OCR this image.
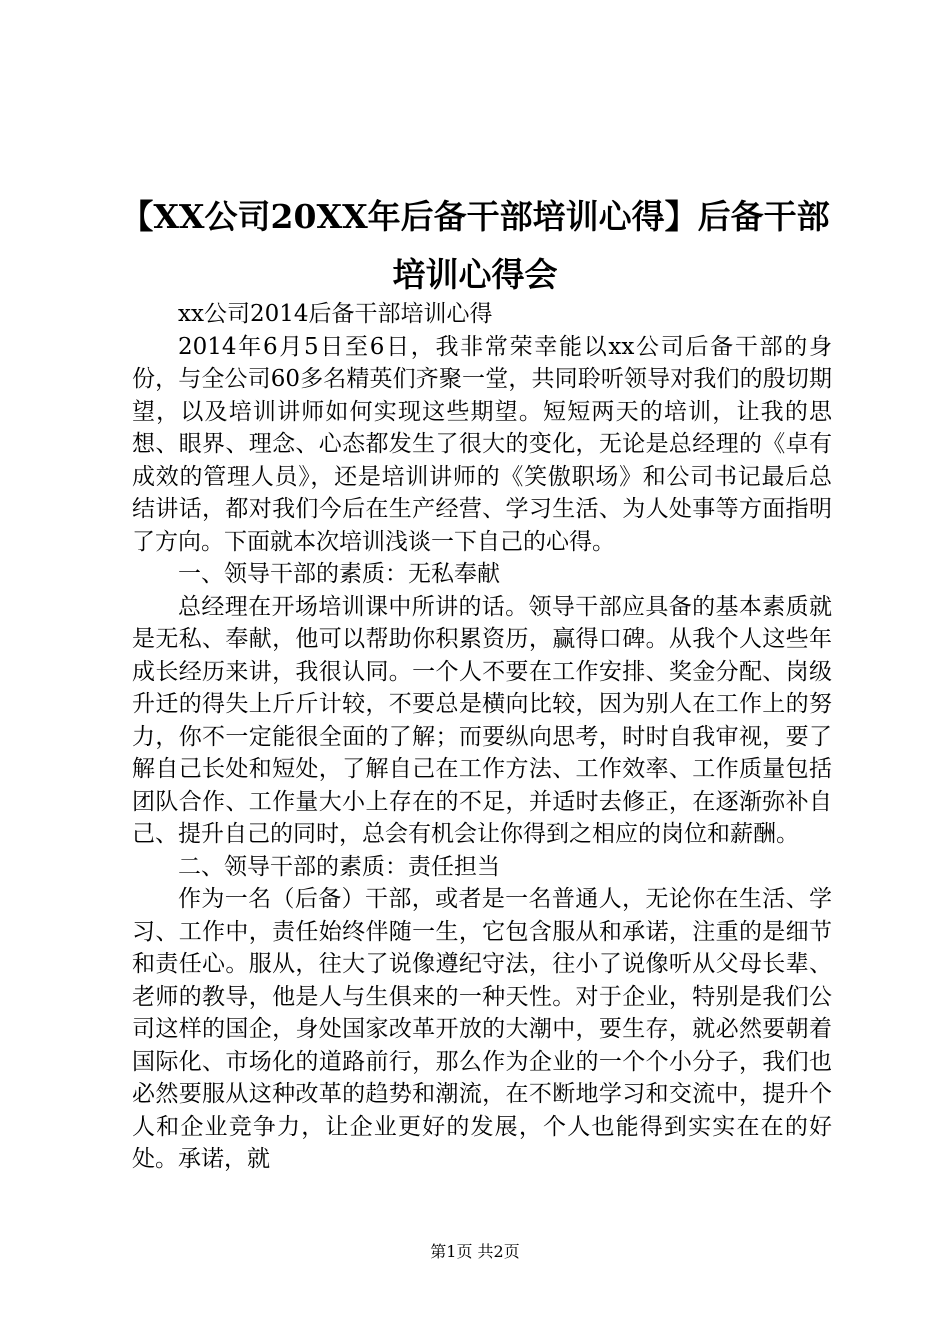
【XX公司20XX年后备干部培训心得】后备干部培训心得会

xx公司2014后备干部培训心得

2014年6月5日至6日，我非常荣幸能以xx公司后备干部的身份，与全公司60多名精英们齐聚一堂，共同聆听领导对我们的殷切期望，以及培训讲师如何实现这些期望。短短两天的培训，让我的思想、眼界、理念、心态都发生了很大的变化，无论是总经理的《卓有成效的管理人员》，还是培训讲师的《笑傲职场》和公司书记最后总结讲话，都对我们今后在生产经营、学习生活、为人处事等方面指明了方向。下面就本次培训浅谈一下自己的心得。

一、领导干部的素质：无私奉献

总经理在开场培训课中所讲的话。领导干部应具备的基本素质就是无私、奉献，他可以帮助你积累资历，赢得口碑。从我个人这些年成长经历来讲，我很认同。一个人不要在工作安排、奖金分配、岗级升迁的得失上斤斤计较，不要总是横向比较，因为别人在工作上的努力，你不一定能很全面的了解；而要纵向思考，时时自我审视，要了解自己长处和短处，了解自己在工作方法、工作效率、工作质量包括团队合作、工作量大小上存在的不足，并适时去修正，在逐渐弥补自己、提升自己的同时，总会有机会让你得到之相应的岗位和薪酬。

二、领导干部的素质：责任担当

作为一名（后备）干部，或者是一名普通人，无论你在生活、学习、工作中，责任始终伴随一生，它包含服从和承诺，注重的是细节和责任心。服从，往大了说像遵纪守法，往小了说像听从父母长辈、老师的教导，他是人与生俱来的一种天性。对于企业，特别是我们公司这样的国企，身处国家改革开放的大潮中，要生存，就必然要朝着国际化、市场化的道路前行，那么作为企业的一个个小分子，我们也必然要服从这种改革的趋势和潮流，在不断地学习和交流中，提升个人和企业竞争力，让企业更好的发展，个人也能得到实实在在的好处。承诺，就

第1页 共2页
